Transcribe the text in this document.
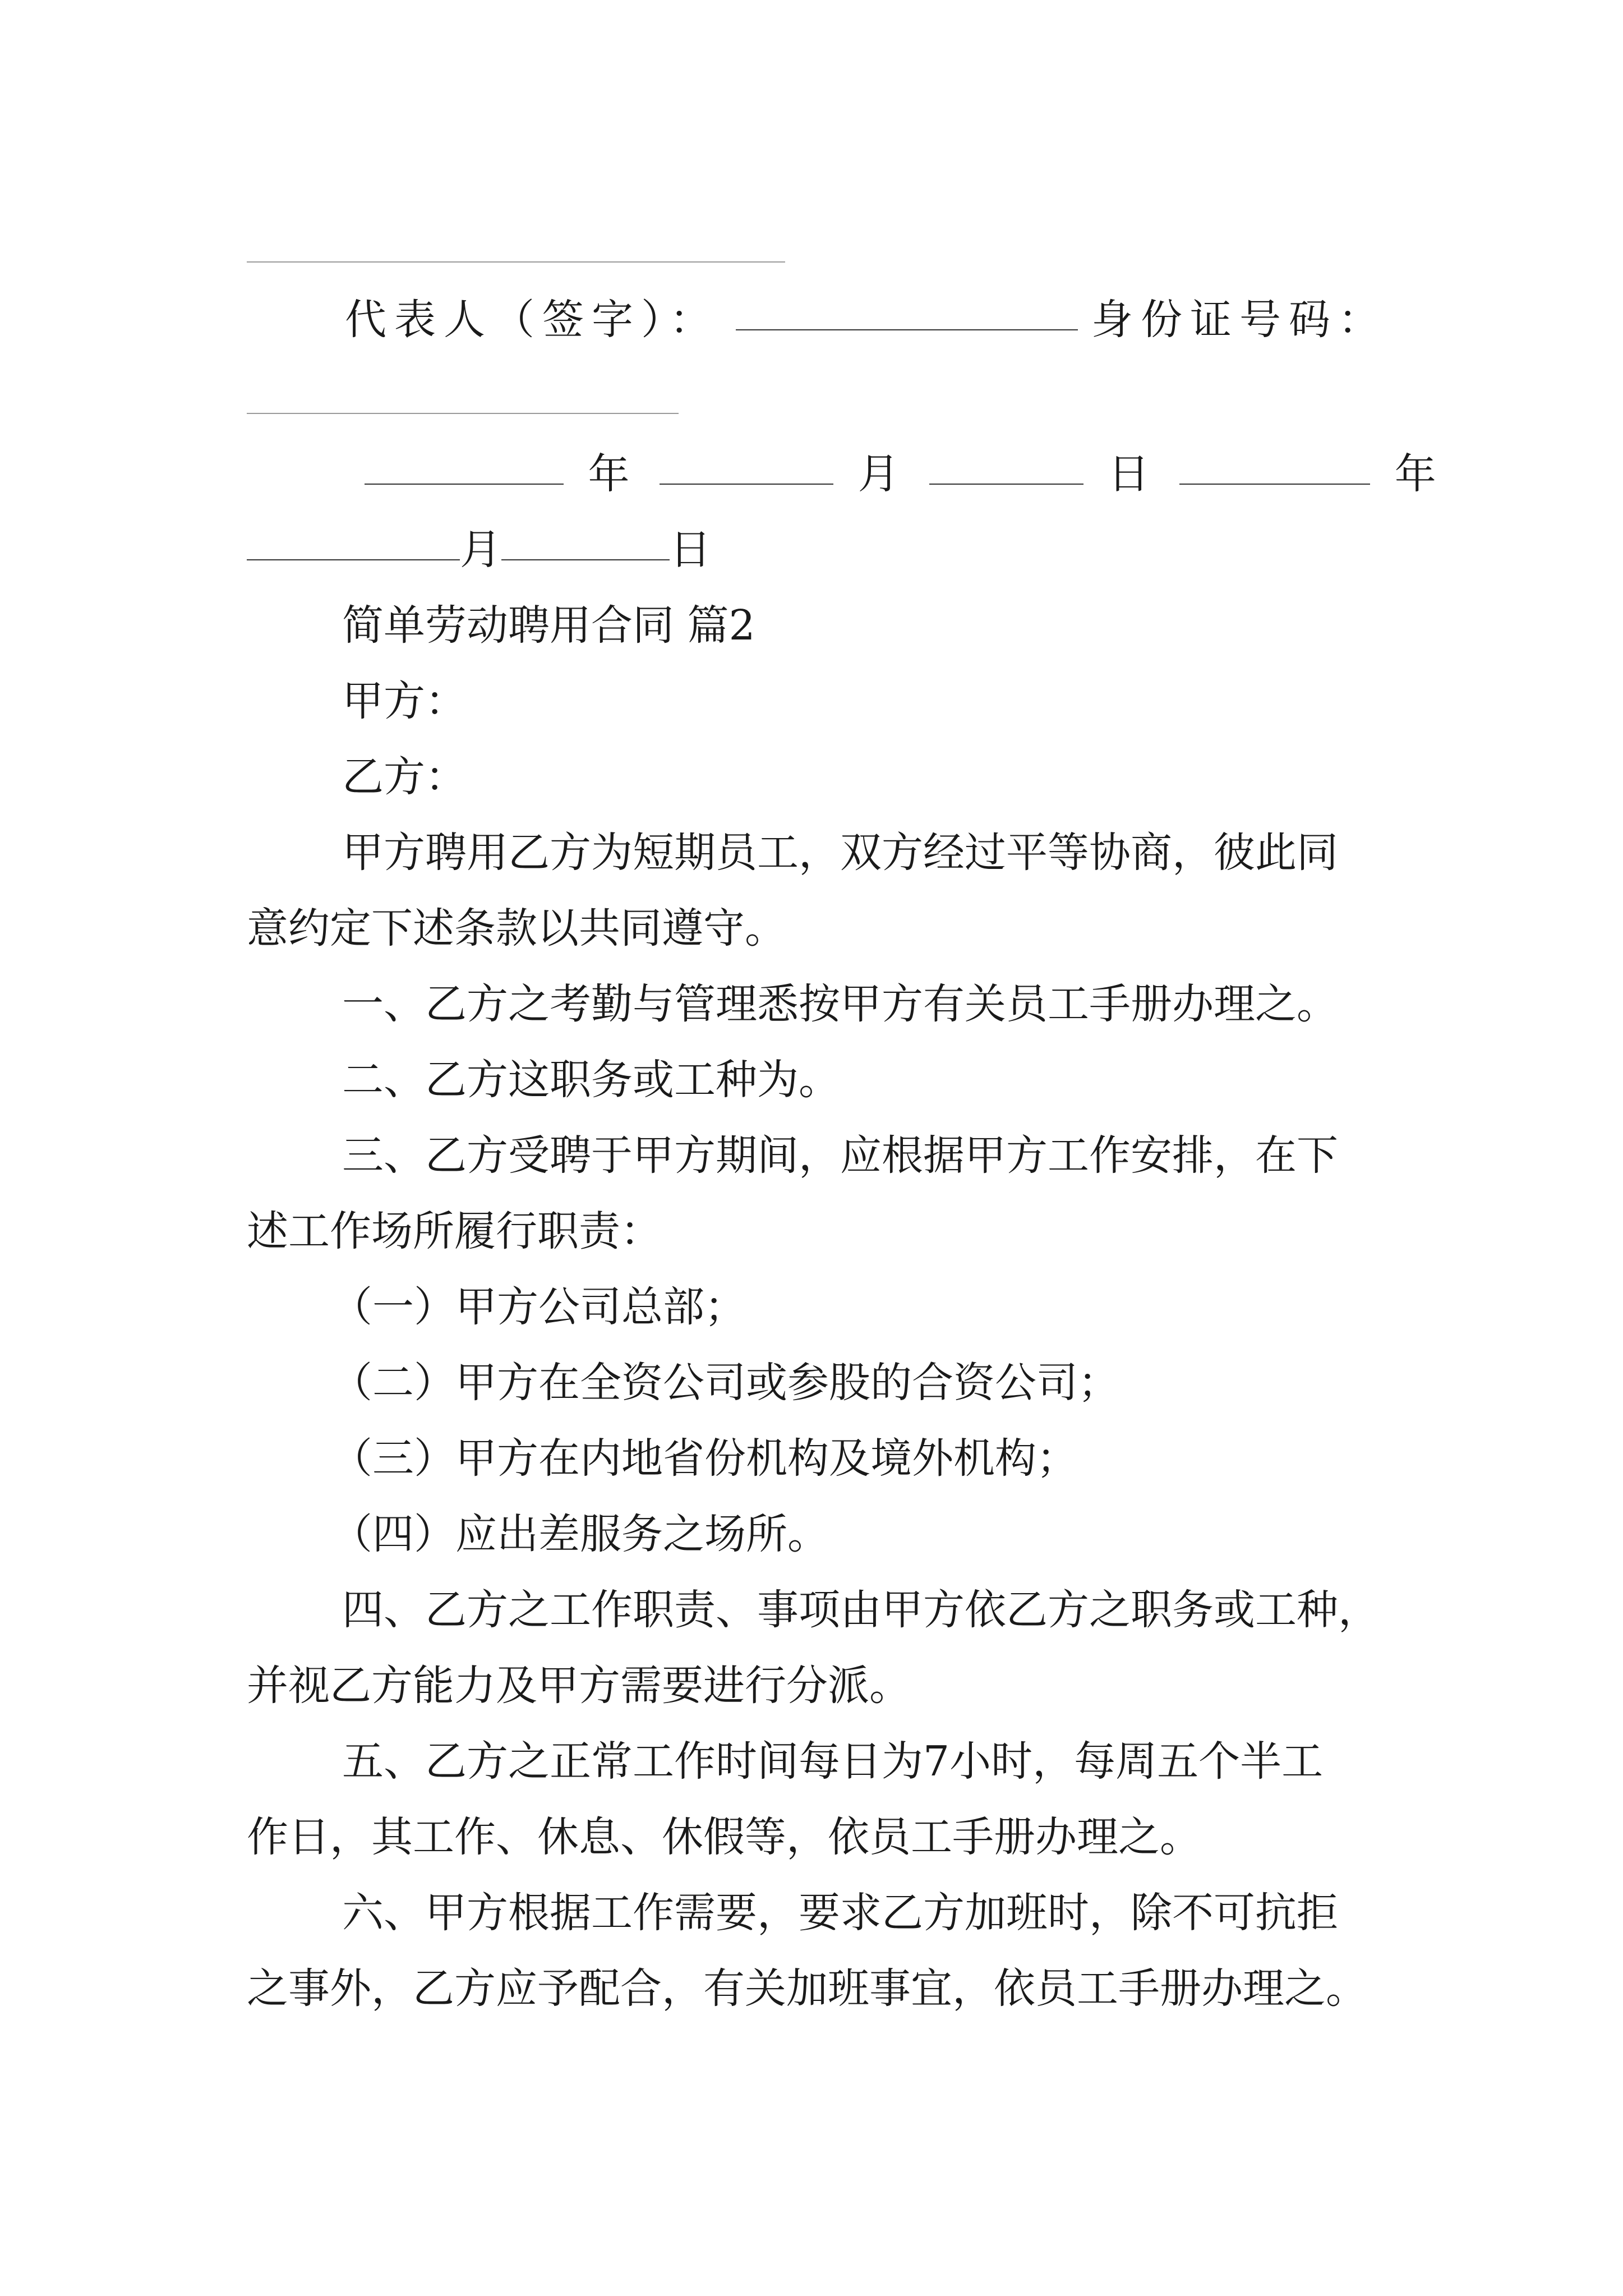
代表人（签字）：	身份证号码：
年	月	日	年
月	日
简单劳动聘用合同 篇2
甲方：
乙方：
甲方聘用乙方为短期员工，双方经过平等协商，彼此同
意约定下述条款以共同遵守。
一、乙方之考勤与管理悉按甲方有关员工手册办理之。
二、乙方这职务或工种为。
三、乙方受聘于甲方期间，应根据甲方工作安排，在下
述工作场所履行职责：
（一）甲方公司总部；
（二）甲方在全资公司或参股的合资公司；
（三）甲方在内地省份机构及境外机构；
（四）应出差服务之场所。
四、乙方之工作职责、事项由甲方依乙方之职务或工种，
并视乙方能力及甲方需要进行分派。
五、乙方之正常工作时间每日为7小时，每周五个半工
作日，其工作、休息、休假等，依员工手册办理之。
六、甲方根据工作需要，要求乙方加班时，除不可抗拒
之事外，乙方应予配合，有关加班事宜，依员工手册办理之。
